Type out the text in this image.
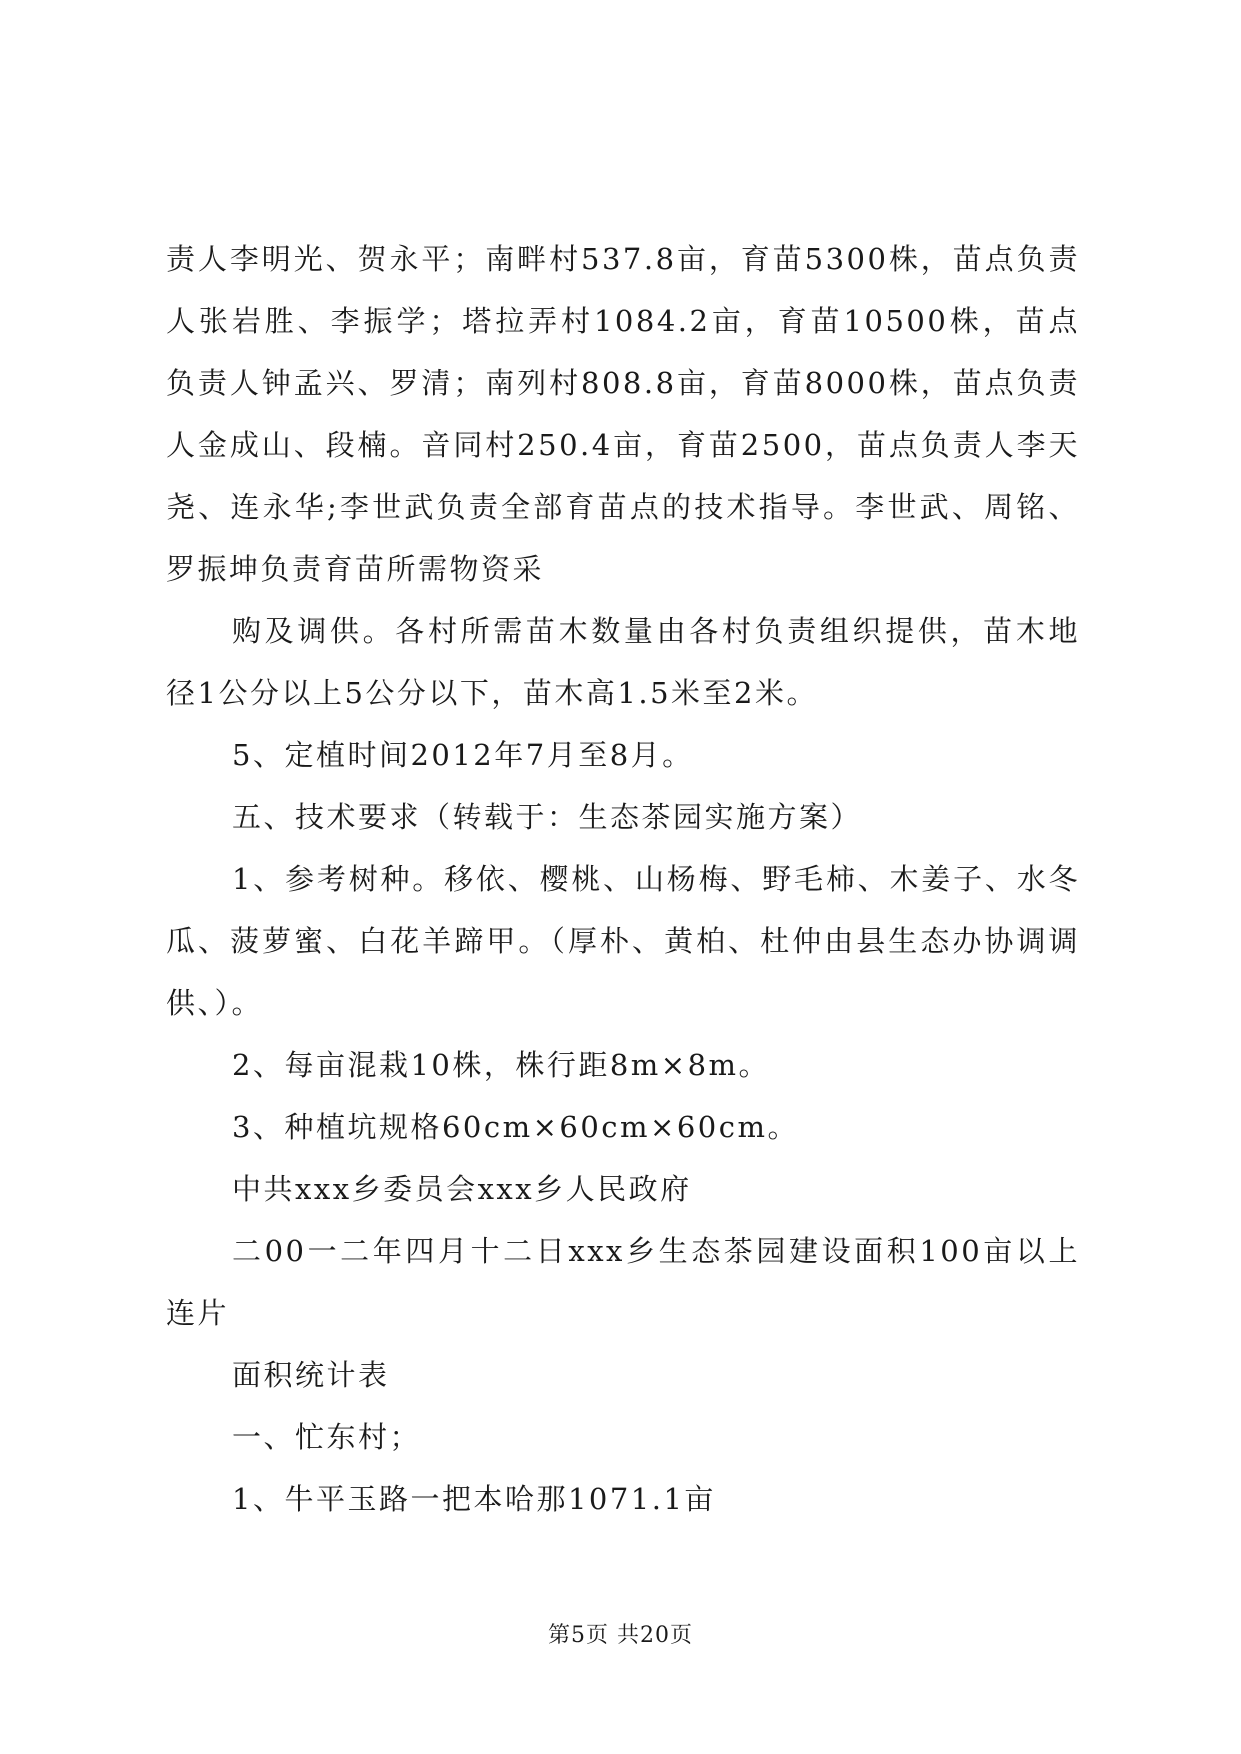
责人李明光、贺永平；南畔村537.8亩，育苗5300株，苗点负责人张岩胜、李振学；塔拉弄村1084.2亩，育苗10500株，苗点负责人钟孟兴、罗清；南列村808.8亩，育苗8000株，苗点负责人金成山、段楠。音同村250.4亩，育苗2500，苗点负责人李天尧、连永华;李世武负责全部育苗点的技术指导。李世武、周铭、罗振坤负责育苗所需物资采

购及调供。各村所需苗木数量由各村负责组织提供，苗木地径1公分以上5公分以下，苗木高1.5米至2米。

5、定植时间2012年7月至8月。

五、技术要求（转载于：生态茶园实施方案）

1、参考树种。移依、樱桃、山杨梅、野毛柿、木姜子、水冬瓜、菠萝蜜、白花羊蹄甲。（厚朴、黄柏、杜仲由县生态办协调调供、）。

2、每亩混栽10株，株行距8m×8m。

3、种植坑规格60cm×60cm×60cm。

中共xxx乡委员会xxx乡人民政府

二00一二年四月十二日xxx乡生态茶园建设面积100亩以上连片

面积统计表

一、忙东村；

1、牛平玉路一把本哈那1071.1亩

第5页 共20页
